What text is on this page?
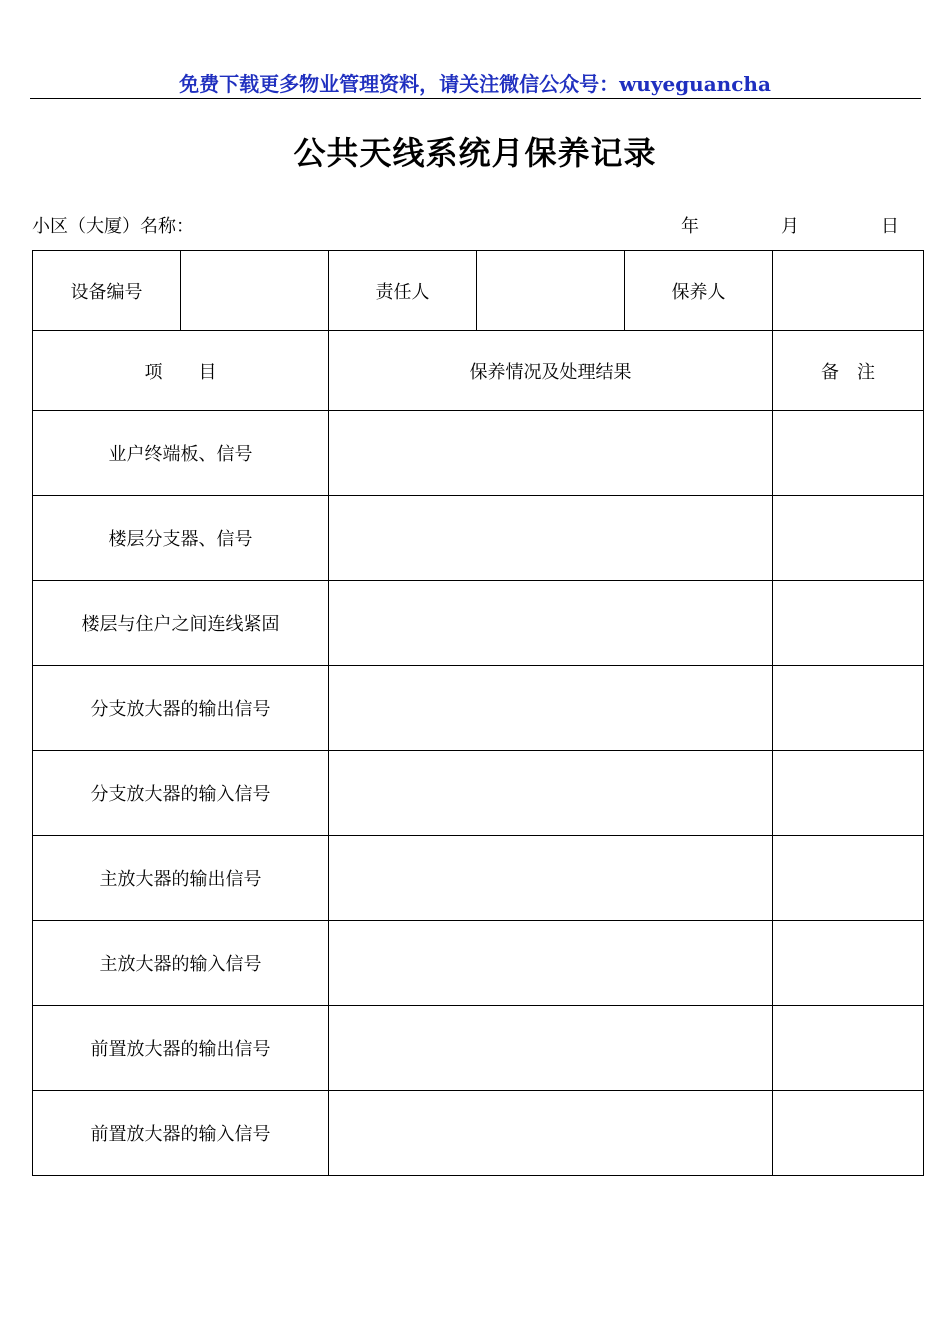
免费下载更多物业管理资料，请关注微信公众号：wuyeguancha
公共天线系统月保养记录
小区（大厦）名称：	年	月	日
设备编号		责任人		保养人	
项　　目		保养情况及处理结果			备　注
业户终端板、信号					
楼层分支器、信号					
楼层与住户之间连线紧固					
分支放大器的输出信号					
分支放大器的输入信号					
主放大器的输出信号					
主放大器的输入信号					
前置放大器的输出信号					
前置放大器的输入信号					
